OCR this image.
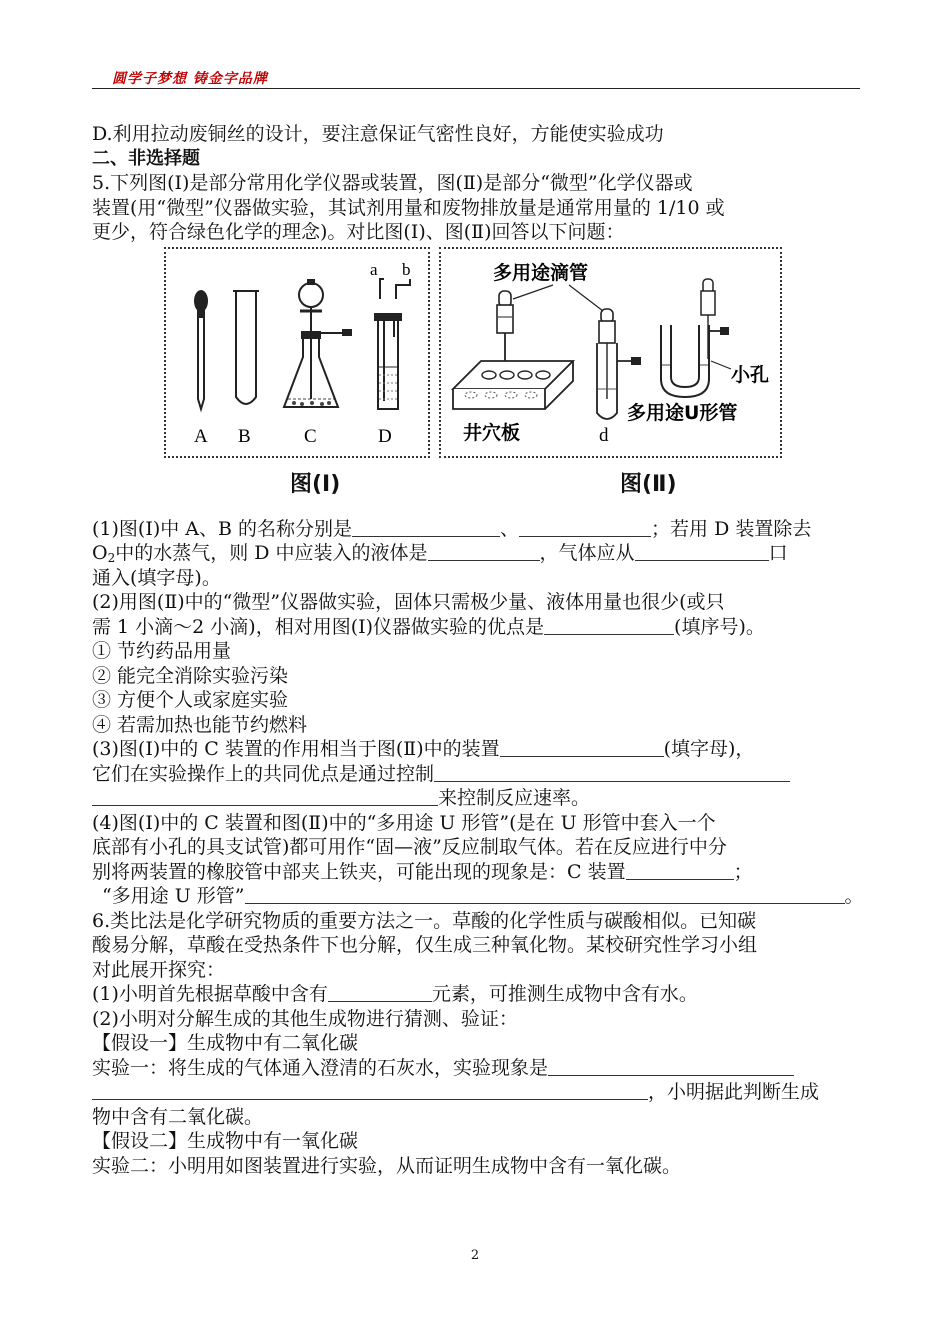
圆学子梦想 铸金字品牌
D.利用拉动废铜丝的设计，要注意保证气密性良好，方能使实验成功
二、非选择题
5.下列图(Ⅰ)是部分常用化学仪器或装置，图(Ⅱ)是部分“微型”化学仪器或
装置(用“微型”仪器做实验，其试剂用量和废物排放量是通常用量的 1/10 或
更少，符合绿色化学的理念)。对比图(Ⅰ)、图(Ⅱ)回答以下问题：
A B	C	D
a b
图(Ⅰ)
多用途滴管
井穴板	d
小孔
多用途U形管
图(Ⅱ)
(1)图(Ⅰ)中 A、B 的名称分别是	、	；若用 D 装置除去
$O_2$中的水蒸气，则 D 中应装入的液体是	，气体应从	口
通入(填字母)。
(2)用图(Ⅱ)中的“微型”仪器做实验，固体只需极少量、液体用量也很少(或只
需 1 小滴～2 小滴)，相对用图(Ⅰ)仪器做实验的优点是	(填序号)。
① 节约药品用量
② 能完全消除实验污染
③ 方便个人或家庭实验
④ 若需加热也能节约燃料
(3)图(Ⅰ)中的 C 装置的作用相当于图(Ⅱ)中的装置	(填字母)，
它们在实验操作上的共同优点是通过控制
来控制反应速率。
(4)图(Ⅰ)中的 C 装置和图(Ⅱ)中的“多用途 U 形管”(是在 U 形管中套入一个
底部有小孔的具支试管)都可用作“固—液”反应制取气体。若在反应进行中分
别将两装置的橡胶管中部夹上铁夹，可能出现的现象是：C 装置	；
“多用途 U 形管”	。
6.类比法是化学研究物质的重要方法之一。草酸的化学性质与碳酸相似。已知碳
酸易分解，草酸在受热条件下也分解，仅生成三种氧化物。某校研究性学习小组
对此展开探究：
(1)小明首先根据草酸中含有	元素，可推测生成物中含有水。
(2)小明对分解生成的其他生成物进行猜测、验证：
【假设一】生成物中有二氧化碳
实验一：将生成的气体通入澄清的石灰水，实验现象是
，小明据此判断生成
物中含有二氧化碳。
【假设二】生成物中有一氧化碳
实验二：小明用如图装置进行实验，从而证明生成物中含有一氧化碳。
2
